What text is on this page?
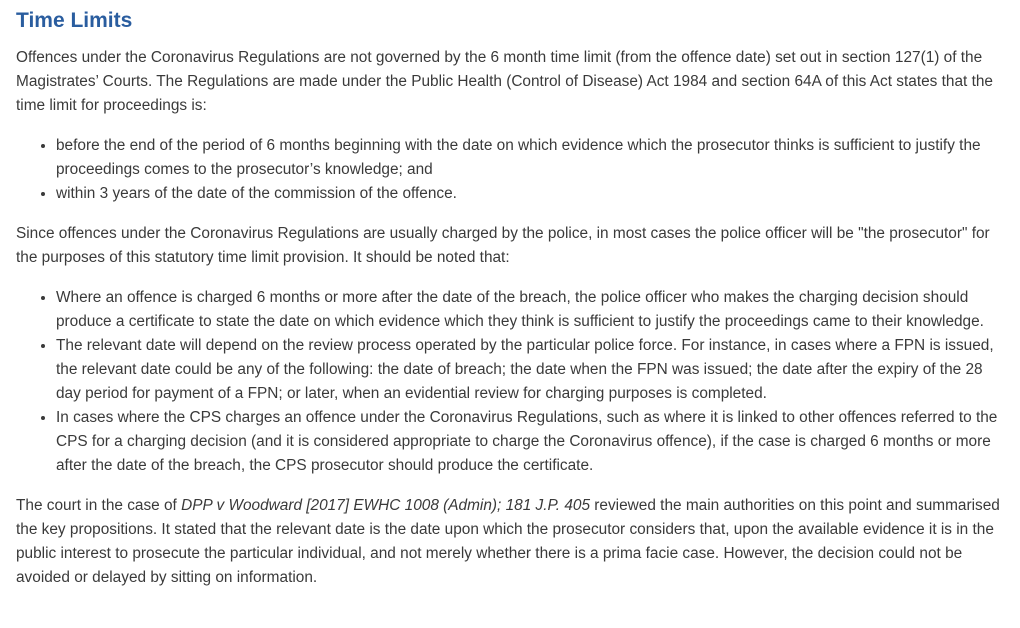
Time Limits

Offences under the Coronavirus Regulations are not governed by the 6 month time limit (from the offence date) set out in section 127(1) of the Magistrates’ Courts. The Regulations are made under the Public Health (Control of Disease) Act 1984 and section 64A of this Act states that the time limit for proceedings is:

• before the end of the period of 6 months beginning with the date on which evidence which the prosecutor thinks is sufficient to justify the proceedings comes to the prosecutor’s knowledge; and
• within 3 years of the date of the commission of the offence.

Since offences under the Coronavirus Regulations are usually charged by the police, in most cases the police officer will be "the prosecutor" for the purposes of this statutory time limit provision. It should be noted that:

• Where an offence is charged 6 months or more after the date of the breach, the police officer who makes the charging decision should produce a certificate to state the date on which evidence which they think is sufficient to justify the proceedings came to their knowledge.
• The relevant date will depend on the review process operated by the particular police force. For instance, in cases where a FPN is issued, the relevant date could be any of the following: the date of breach; the date when the FPN was issued; the date after the expiry of the 28 day period for payment of a FPN; or later, when an evidential review for charging purposes is completed.
• In cases where the CPS charges an offence under the Coronavirus Regulations, such as where it is linked to other offences referred to the CPS for a charging decision (and it is considered appropriate to charge the Coronavirus offence), if the case is charged 6 months or more after the date of the breach, the CPS prosecutor should produce the certificate.

The court in the case of DPP v Woodward [2017] EWHC 1008 (Admin); 181 J.P. 405 reviewed the main authorities on this point and summarised the key propositions. It stated that the relevant date is the date upon which the prosecutor considers that, upon the available evidence it is in the public interest to prosecute the particular individual, and not merely whether there is a prima facie case. However, the decision could not be avoided or delayed by sitting on information.
